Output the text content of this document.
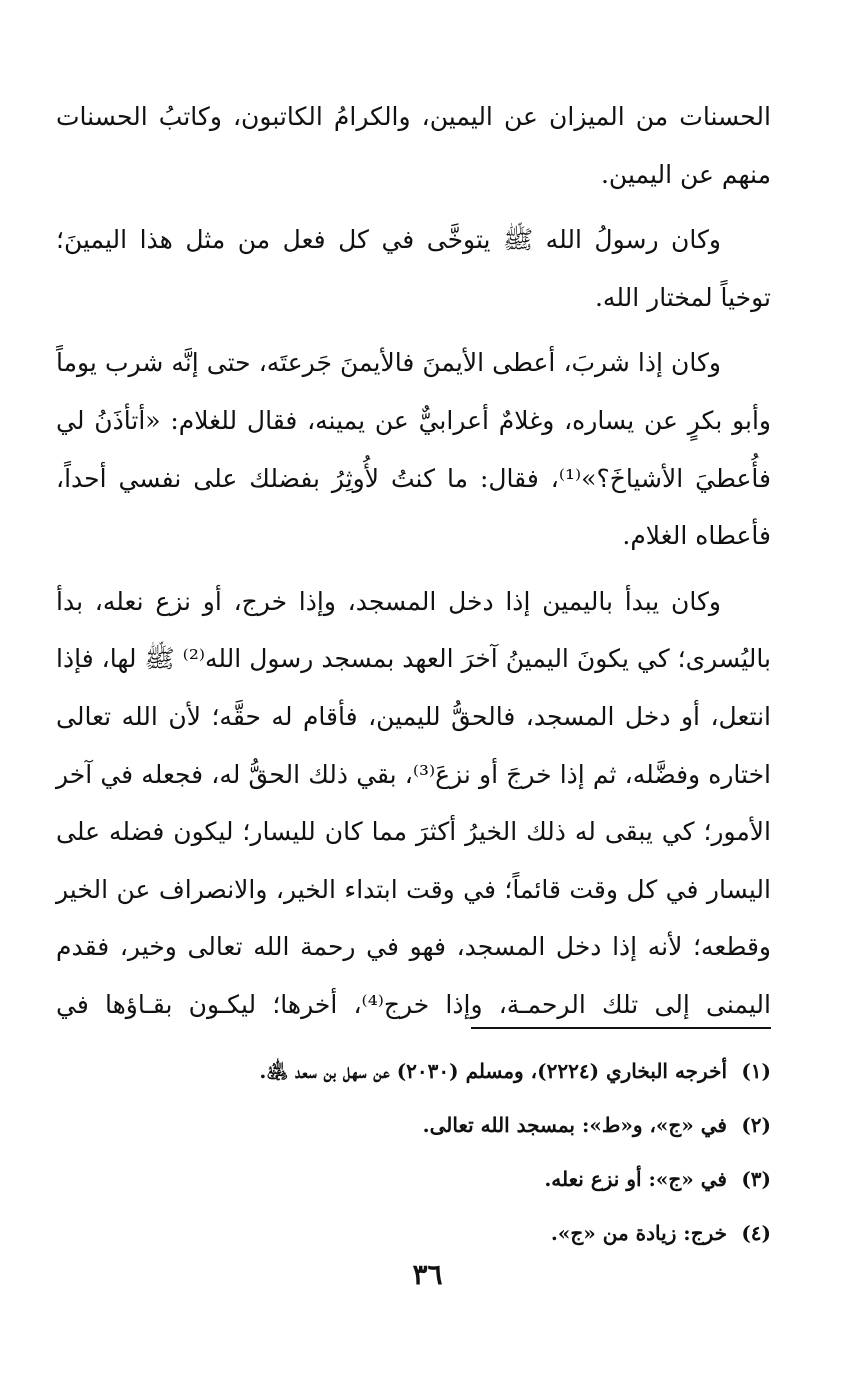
الحسنات من الميزان عن اليمين، والكرامُ الكاتبون، وكاتبُ الحسنات منهم عن اليمين.

وكان رسولُ الله ﷺ يتوخَّى في كل فعل من مثل هذا اليمينَ؛ توخياً لمختار الله.

وكان إذا شربَ، أعطى الأيمنَ فالأيمنَ جَرعتَه، حتى إنَّه شرب يوماً وأبو بكرٍ عن يساره، وغلامٌ أعرابيٌّ عن يمينه، فقال للغلام: «أتأذَنُ لي فأُعطيَ الأشياخَ؟»⁽¹⁾، فقال: ما كنتُ لأُوثِرُ بفضلك على نفسي أحداً، فأعطاه الغلام.

وكان يبدأ باليمين إذا دخل المسجد، وإذا خرج، أو نزع نعله، بدأ باليُسرى؛ كي يكونَ اليمينُ آخرَ العهد بمسجد رسول الله⁽²⁾ ﷺ لها، فإذا انتعل، أو دخل المسجد، فالحقُّ لليمين، فأقام له حقَّه؛ لأن الله تعالى اختاره وفضَّله، ثم إذا خرجَ أو نزعَ⁽³⁾، بقي ذلك الحقُّ له، فجعله في آخر الأمور؛ كي يبقى له ذلك الخيرُ أكثرَ مما كان لليسار؛ ليكون فضله على اليسار في كل وقت قائماً؛ في وقت ابتداء الخير، والانصراف عن الخير وقطعه؛ لأنه إذا دخل المسجد، فهو في رحمة الله تعالى وخير، فقدم اليمنى إلى تلك الرحمـة، وإذا خرج⁽⁴⁾، أخرها؛ ليكـون بقـاؤها في

(١)
أخرجه البخاري (٢٢٢٤)، ومسلم (٢٠٣٠) عن سهل بن سعد ﵁.
(٢)
في «ج»، و«ط»: بمسجد الله تعالى.
(٣)
في «ج»: أو نزع نعله.
(٤)
خرج: زيادة من «ج».
٣٦
